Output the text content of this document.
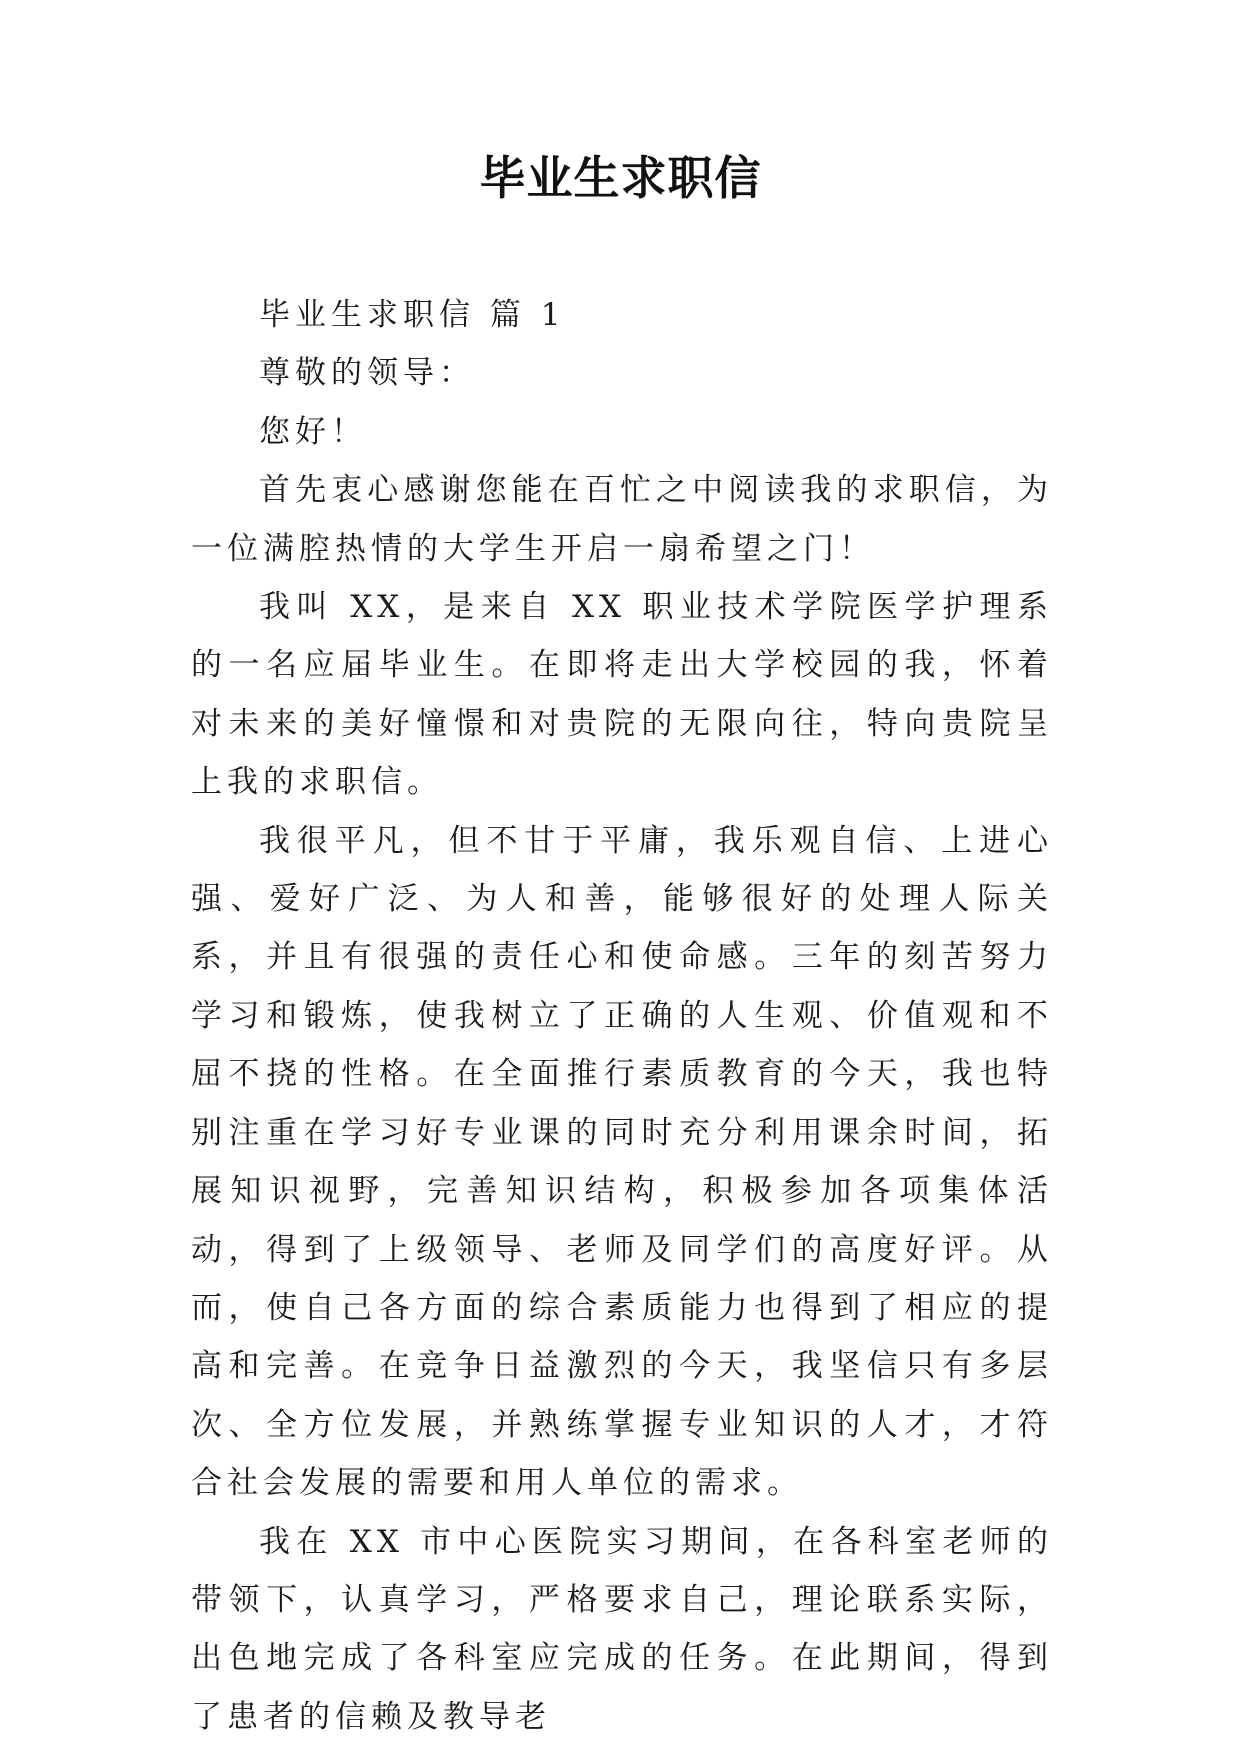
毕业生求职信

毕业生求职信 篇 1

尊敬的领导：

您好！

首先衷心感谢您能在百忙之中阅读我的求职信，为一位满腔热情的大学生开启一扇希望之门！

我叫 XX，是来自 XX 职业技术学院医学护理系的一名应届毕业生。在即将走出大学校园的我，怀着对未来的美好憧憬和对贵院的无限向往，特向贵院呈上我的求职信。

我很平凡，但不甘于平庸，我乐观自信、上进心强、爱好广泛、为人和善，能够很好的处理人际关系，并且有很强的责任心和使命感。三年的刻苦努力学习和锻炼，使我树立了正确的人生观、价值观和不屈不挠的性格。在全面推行素质教育的今天，我也特别注重在学习好专业课的同时充分利用课余时间，拓展知识视野，完善知识结构，积极参加各项集体活动，得到了上级领导、老师及同学们的高度好评。从而，使自己各方面的综合素质能力也得到了相应的提高和完善。在竞争日益激烈的今天，我坚信只有多层次、全方位发展，并熟练掌握专业知识的人才，才符合社会发展的需要和用人单位的需求。

我在 XX 市中心医院实习期间，在各科室老师的带领下，认真学习，严格要求自己，理论联系实际，出色地完成了各科室应完成的任务。在此期间，得到了患者的信赖及教导老
